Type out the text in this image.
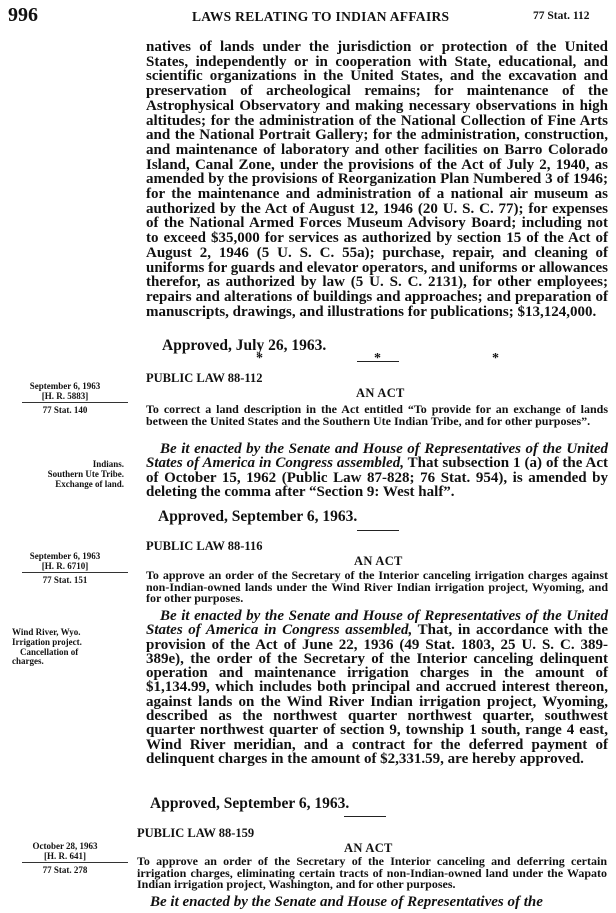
996	LAWS RELATING TO INDIAN AFFAIRS	77 Stat. 112

natives of lands under the jurisdiction or protection of the United States, independently or in cooperation with State, educational, and scientific organizations in the United States, and the excavation and preservation of archeological remains; for maintenance of the Astrophysical Observatory and making necessary observations in high altitudes; for the administration of the National Collection of Fine Arts and the National Portrait Gallery; for the administration, construction, and maintenance of laboratory and other facilities on Barro Colorado Island, Canal Zone, under the provisions of the Act of July 2, 1940, as amended by the provisions of Reorganization Plan Numbered 3 of 1946; for the maintenance and administration of a national air museum as authorized by the Act of August 12, 1946 (20 U. S. C. 77); for expenses of the National Armed Forces Museum Advisory Board; including not to exceed $35,000 for services as authorized by section 15 of the Act of August 2, 1946 (5 U. S. C. 55a); purchase, repair, and cleaning of uniforms for guards and elevator operators, and uniforms or allowances therefor, as authorized by law (5 U. S. C. 2131), for other employees; repairs and alterations of buildings and approaches; and preparation of manuscripts, drawings, and illustrations for publications; $13,124,000.

*	*	*
Approved, July 26, 1963.
September 6, 1963
[H. R. 5883]
77 Stat. 140
Indians.
Southern Ute Tribe.
Exchange of land.
PUBLIC LAW 88-112
AN ACT
To correct a land description in the Act entitled “To provide for an exchange of lands between the United States and the Southern Ute Indian Tribe, and for other purposes”.
Be it enacted by the Senate and House of Representatives of the United States of America in Congress assembled, That subsection 1 (a) of the Act of October 15, 1962 (Public Law 87-828; 76 Stat. 954), is amended by deleting the comma after “Section 9: West half”.
Approved, September 6, 1963.
September 6, 1963
[H. R. 6710]
77 Stat. 151
Wind River, Wyo.
Irrigation project.
Cancellation of
charges.
PUBLIC LAW 88-116
AN ACT
To approve an order of the Secretary of the Interior canceling irrigation charges against non-Indian-owned lands under the Wind River Indian irrigation project, Wyoming, and for other purposes.
Be it enacted by the Senate and House of Representatives of the United States of America in Congress assembled, That, in accordance with the provision of the Act of June 22, 1936 (49 Stat. 1803, 25 U. S. C. 389-389e), the order of the Secretary of the Interior canceling delinquent operation and maintenance irrigation charges in the amount of $1,134.99, which includes both principal and accrued interest thereon, against lands on the Wind River Indian irrigation project, Wyoming, described as the northwest quarter northwest quarter, southwest quarter northwest quarter of section 9, township 1 south, range 4 east, Wind River meridian, and a contract for the deferred payment of delinquent charges in the amount of $2,331.59, are hereby approved.
Approved, September 6, 1963.
October 28, 1963
[H. R. 641]
77 Stat. 278
PUBLIC LAW 88-159
AN ACT
To approve an order of the Secretary of the Interior canceling and deferring certain irrigation charges, eliminating certain tracts of non-Indian-owned land under the Wapato Indian irrigation project, Washington, and for other purposes.
Be it enacted by the Senate and House of Representatives of the
